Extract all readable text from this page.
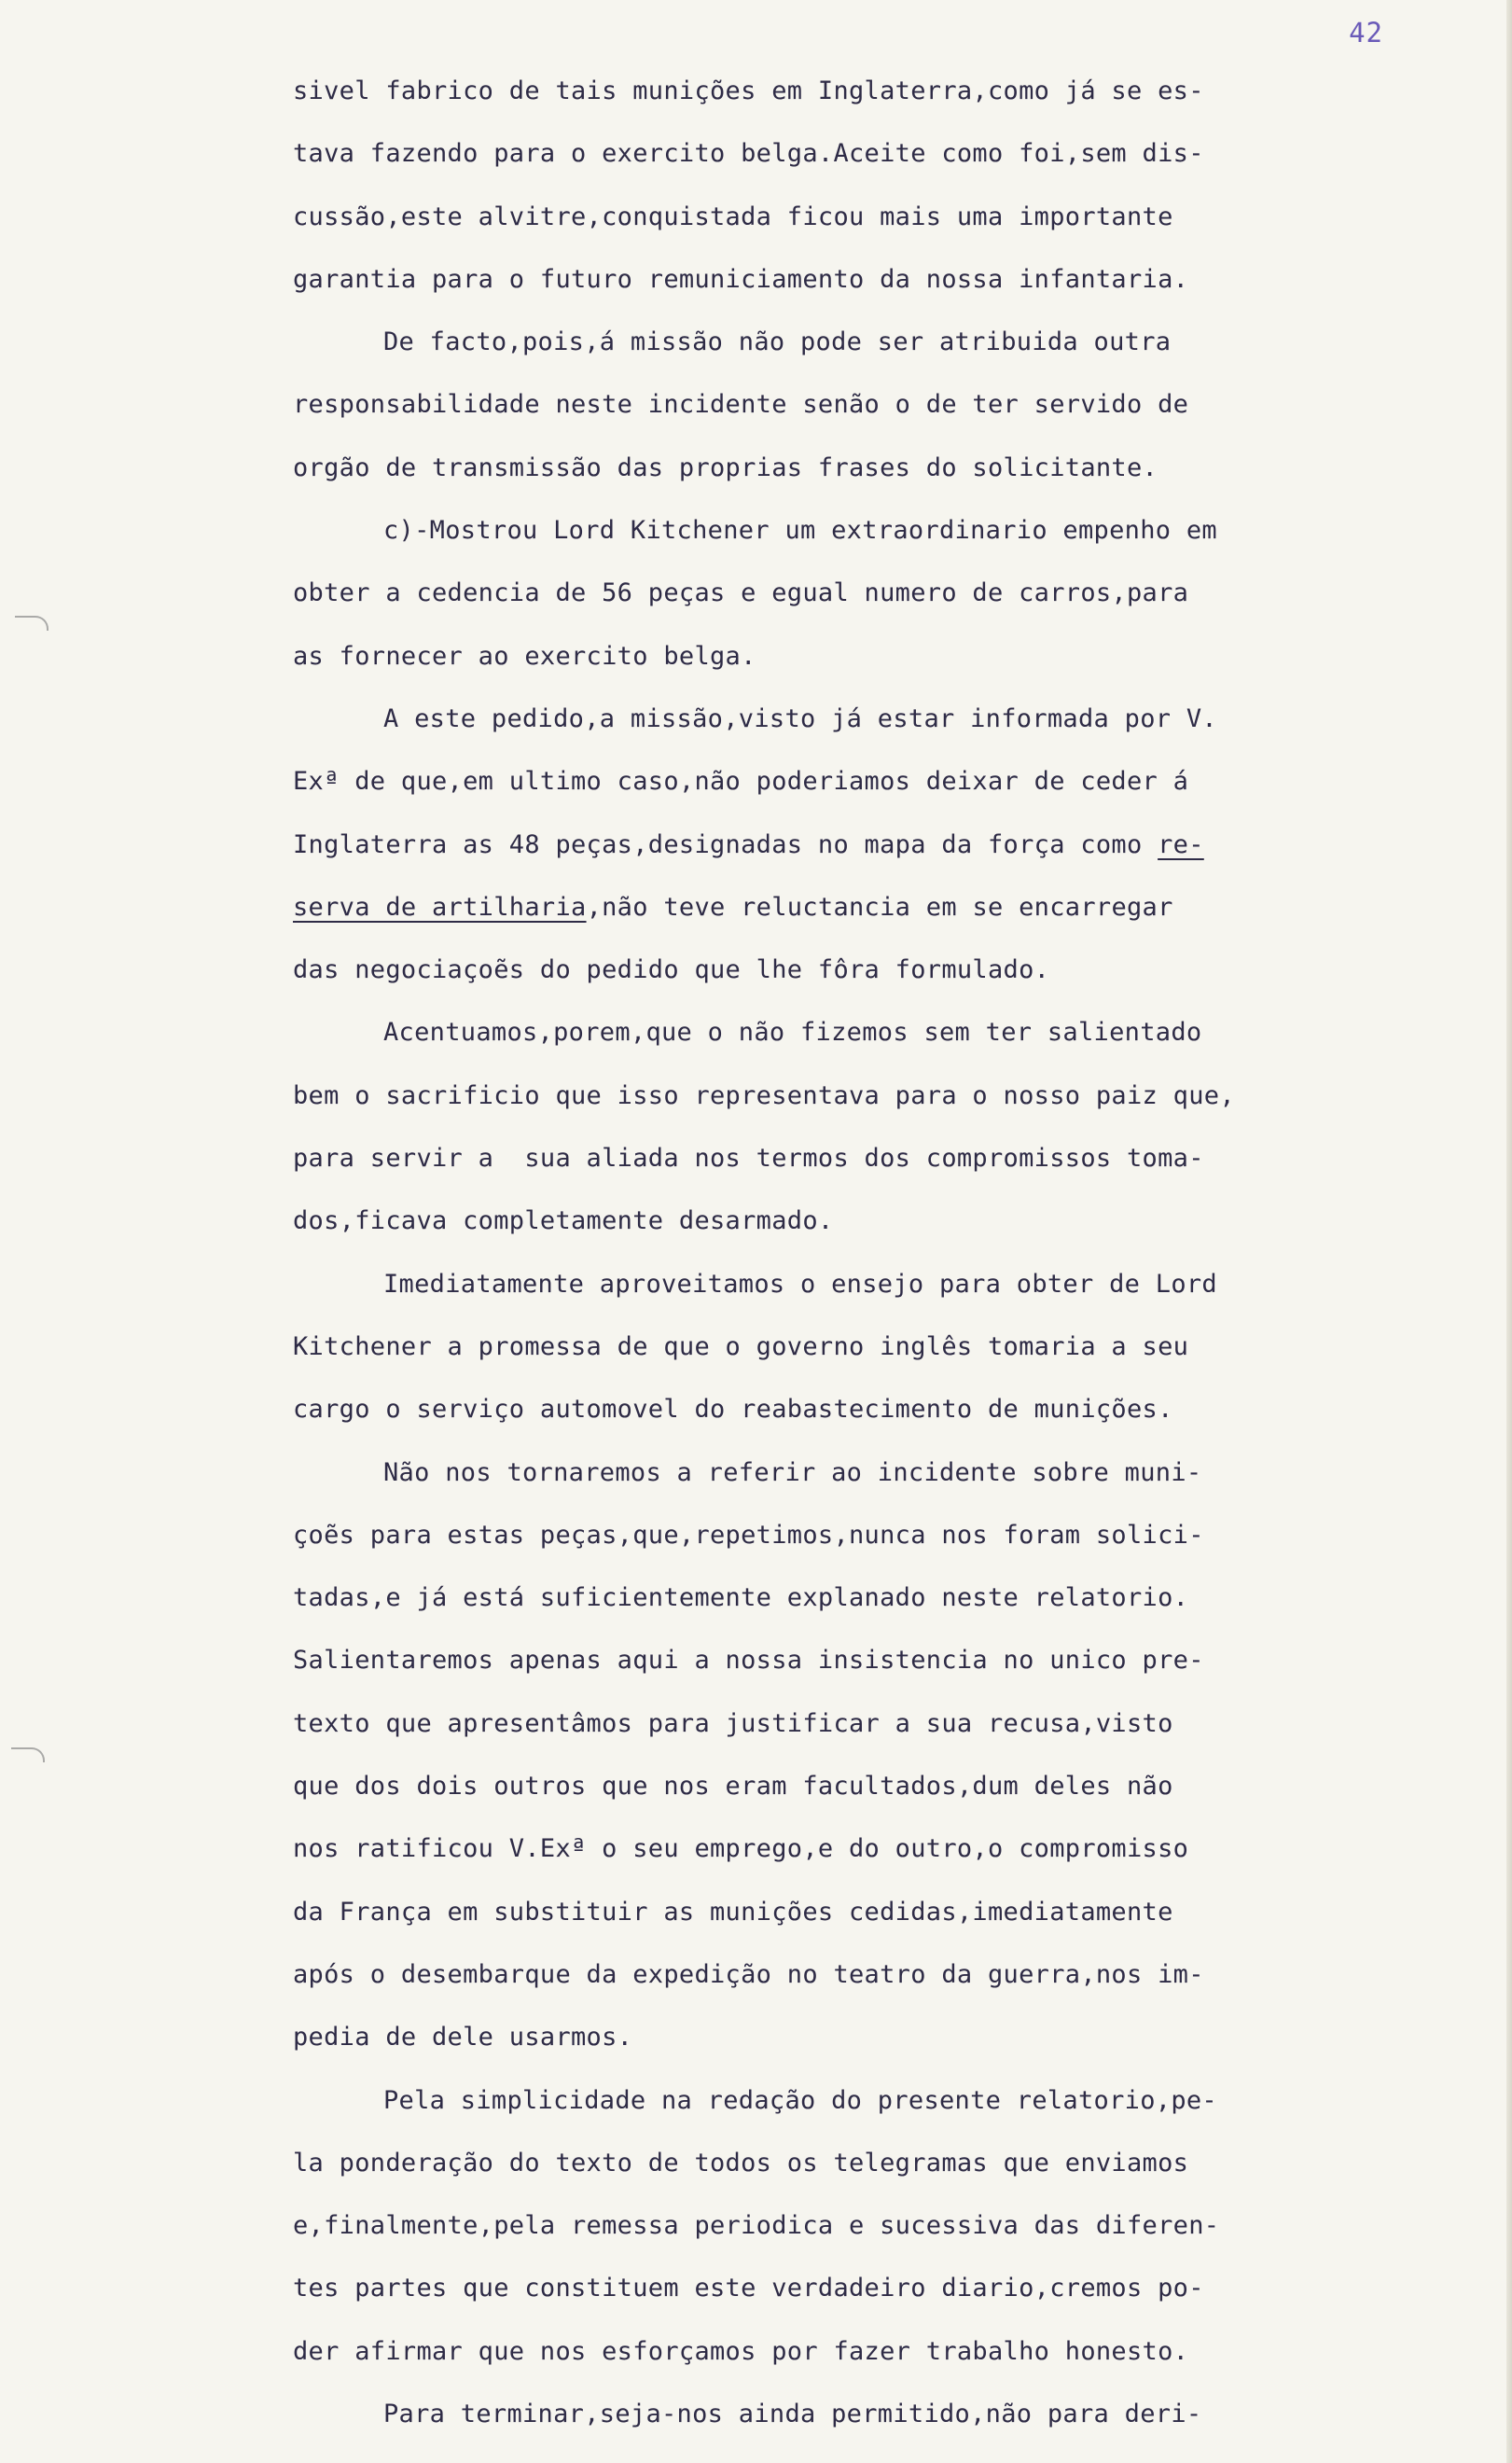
42
sivel fabrico de tais munições em Inglaterra,como já se es-
tava fazendo para o exercito belga.Aceite como foi,sem dis-
cussão,este alvitre,conquistada ficou mais uma importante
garantia para o futuro remuniciamento da nossa infantaria.
De facto,pois,á missão não pode ser atribuida outra
responsabilidade neste incidente senão o de ter servido de
orgão de transmissão das proprias frases do solicitante.
c)-Mostrou Lord Kitchener um extraordinario empenho em
obter a cedencia de 56 peças e egual numero de carros,para
as fornecer ao exercito belga.
A este pedido,a missão,visto já estar informada por V.
Exª de que,em ultimo caso,não poderiamos deixar de ceder á
Inglaterra as 48 peças,designadas no mapa da força como re-
serva de artilharia,não teve reluctancia em se encarregar
das negociaçoẽs do pedido que lhe fôra formulado.
Acentuamos,porem,que o não fizemos sem ter salientado
bem o sacrificio que isso representava para o nosso paiz que,
para servir a  sua aliada nos termos dos compromissos toma-
dos,ficava completamente desarmado.
Imediatamente aproveitamos o ensejo para obter de Lord
Kitchener a promessa de que o governo inglês tomaria a seu
cargo o serviço automovel do reabastecimento de munições.
Não nos tornaremos a referir ao incidente sobre muni-
çoẽs para estas peças,que,repetimos,nunca nos foram solici-
tadas,e já está suficientemente explanado neste relatorio.
Salientaremos apenas aqui a nossa insistencia no unico pre-
texto que apresentâmos para justificar a sua recusa,visto
que dos dois outros que nos eram facultados,dum deles não
nos ratificou V.Exª o seu emprego,e do outro,o compromisso
da França em substituir as munições cedidas,imediatamente
após o desembarque da expedição no teatro da guerra,nos im-
pedia de dele usarmos.
Pela simplicidade na redação do presente relatorio,pe-
la ponderação do texto de todos os telegramas que enviamos
e,finalmente,pela remessa periodica e sucessiva das diferen-
tes partes que constituem este verdadeiro diario,cremos po-
der afirmar que nos esforçamos por fazer trabalho honesto.
Para terminar,seja-nos ainda permitido,não para deri-
